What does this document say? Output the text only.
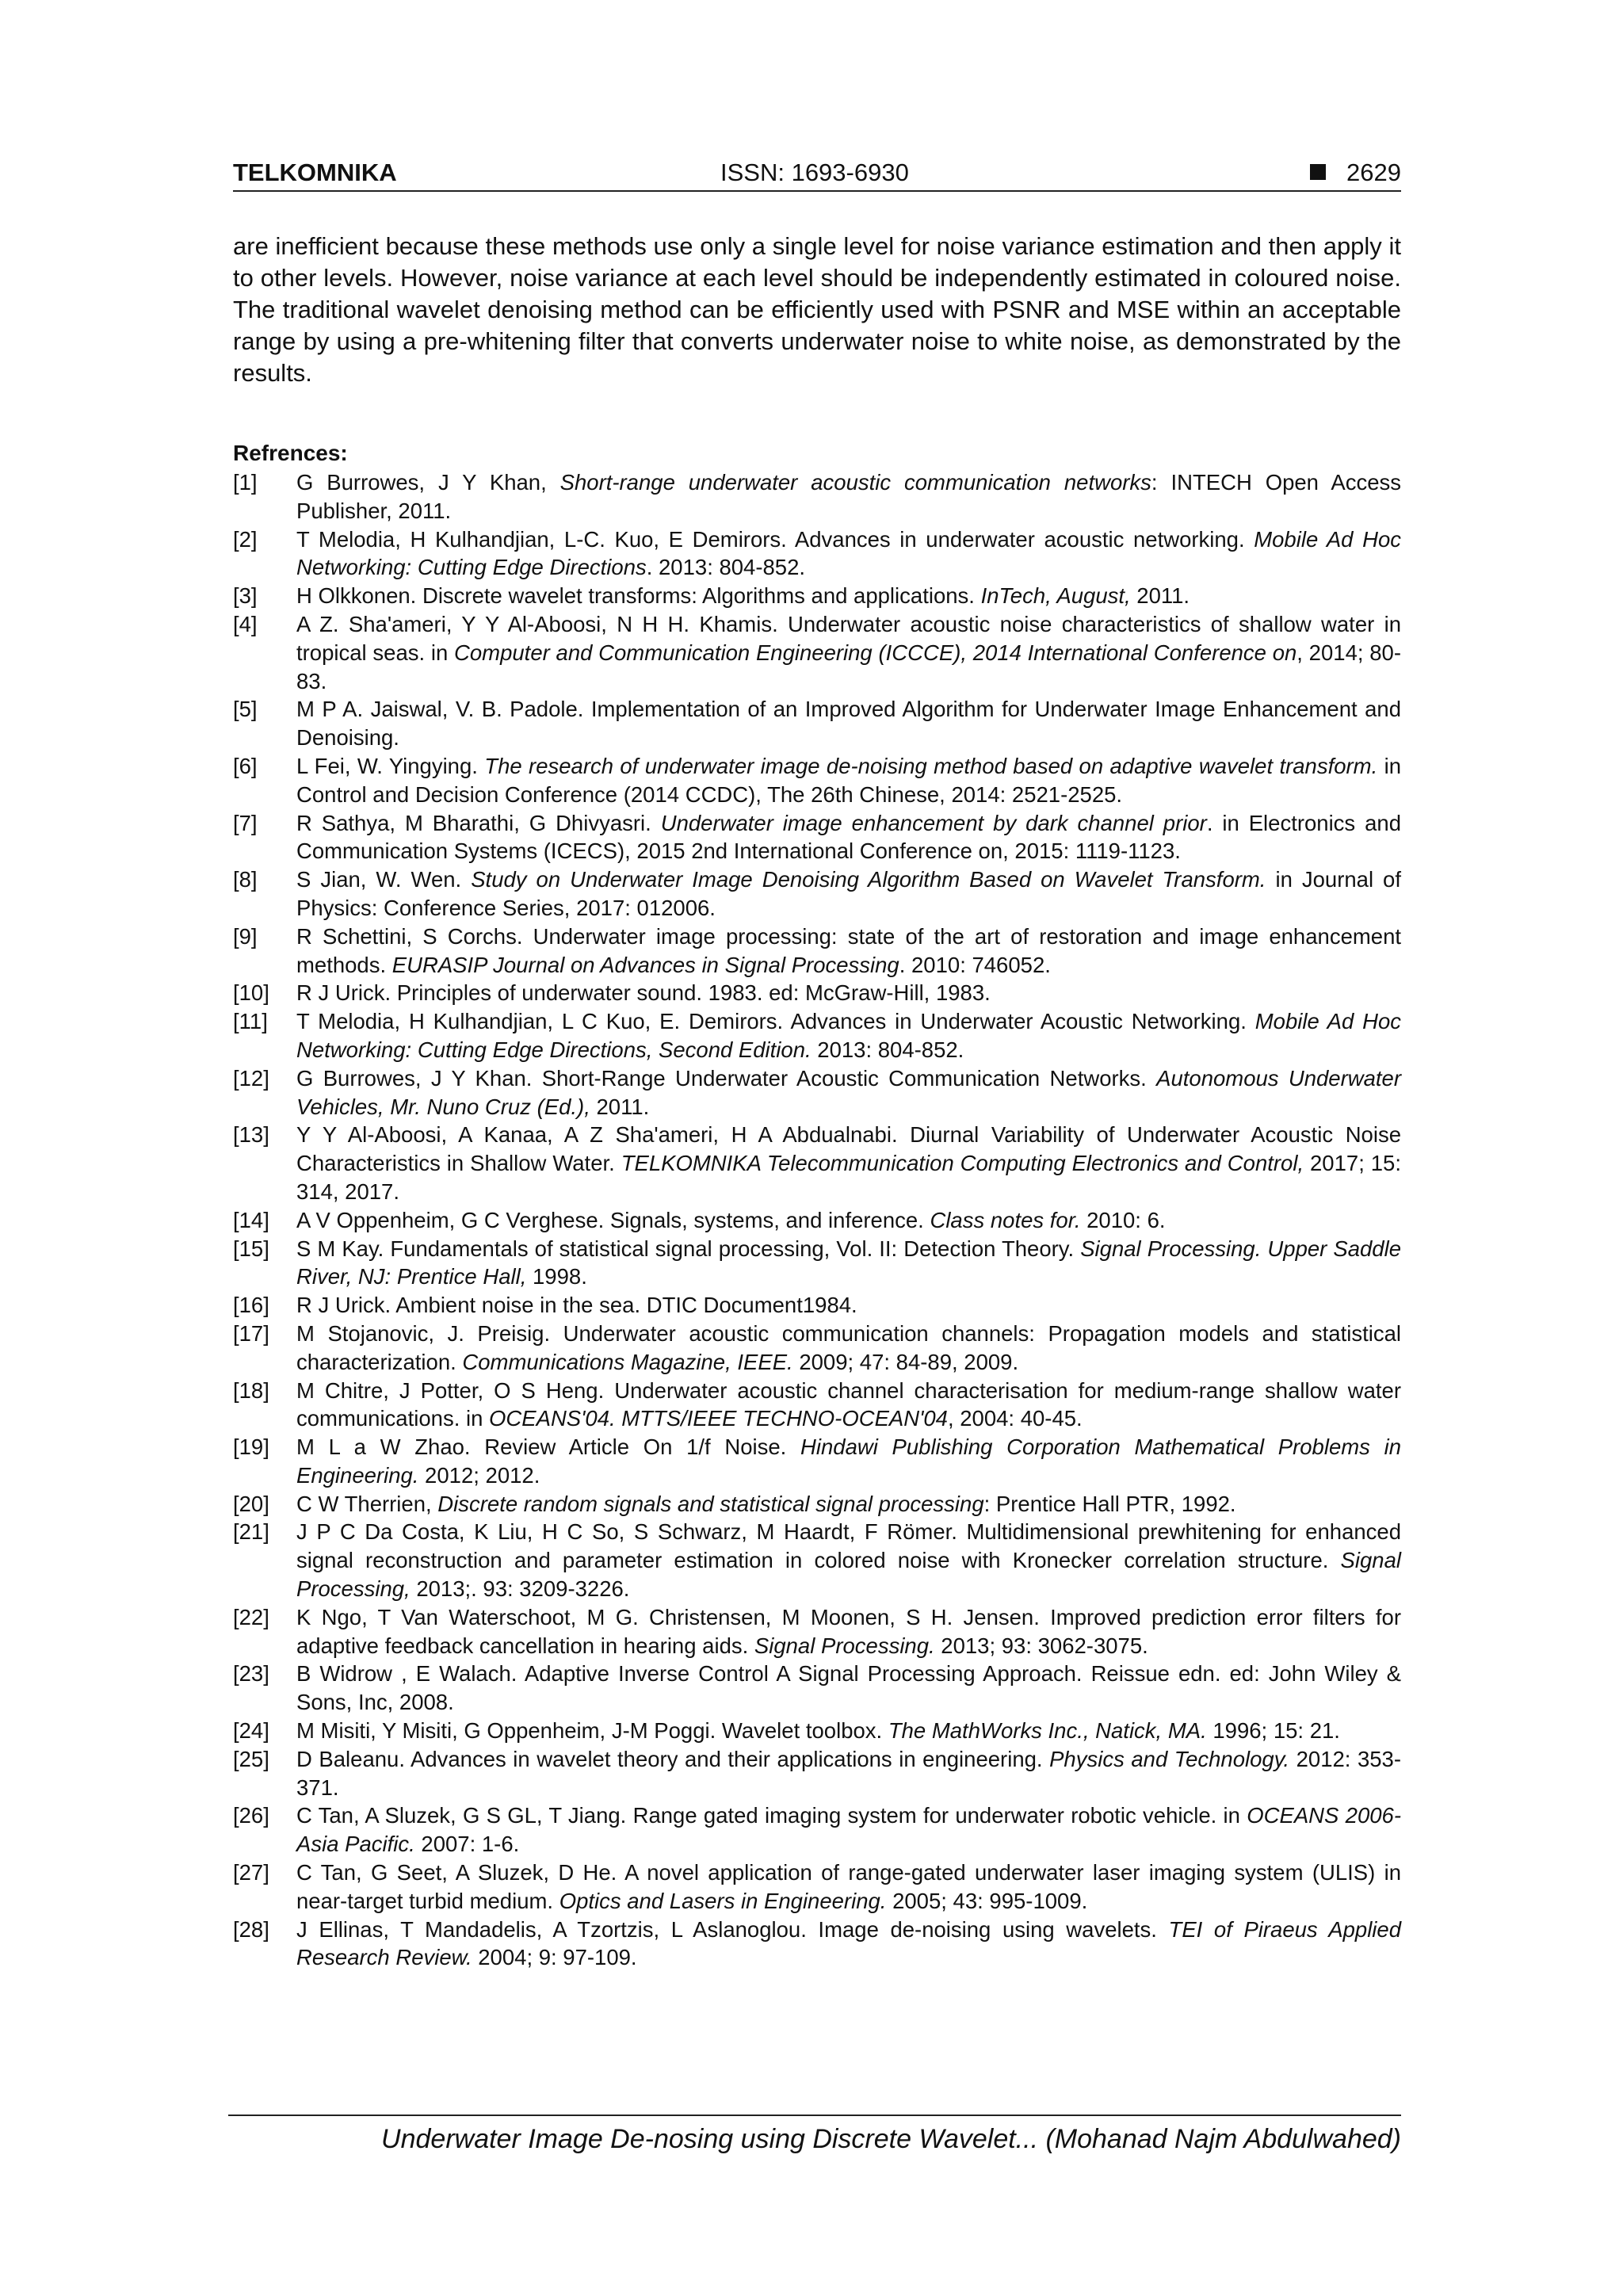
TELKOMNIKA	ISSN: 1693-6930	2629

are inefficient because these methods use only a single level for noise variance estimation and then apply it to other levels. However, noise variance at each level should be independently estimated in coloured noise. The traditional wavelet denoising method can be efficiently used with PSNR and MSE within an acceptable range by using a pre-whitening filter that converts underwater noise to white noise, as demonstrated by the results.

Refrences:

[1] G Burrowes, J Y Khan, Short-range underwater acoustic communication networks: INTECH Open Access Publisher, 2011.
[2] T Melodia, H Kulhandjian, L-C. Kuo, E Demirors. Advances in underwater acoustic networking. Mobile Ad Hoc Networking: Cutting Edge Directions. 2013: 804-852.
[3] H Olkkonen. Discrete wavelet transforms: Algorithms and applications. InTech, August, 2011.
[4] A Z. Sha'ameri, Y Y Al-Aboosi, N H H. Khamis. Underwater acoustic noise characteristics of shallow water in tropical seas. in Computer and Communication Engineering (ICCCE), 2014 International Conference on, 2014; 80-83.
[5] M P A. Jaiswal, V. B. Padole. Implementation of an Improved Algorithm for Underwater Image Enhancement and Denoising.
[6] L Fei, W. Yingying. The research of underwater image de-noising method based on adaptive wavelet transform. in Control and Decision Conference (2014 CCDC), The 26th Chinese, 2014: 2521-2525.
[7] R Sathya, M Bharathi, G Dhivyasri. Underwater image enhancement by dark channel prior. in Electronics and Communication Systems (ICECS), 2015 2nd International Conference on, 2015: 1119-1123.
[8] S Jian, W. Wen. Study on Underwater Image Denoising Algorithm Based on Wavelet Transform. in Journal of Physics: Conference Series, 2017: 012006.
[9] R Schettini, S Corchs. Underwater image processing: state of the art of restoration and image enhancement methods. EURASIP Journal on Advances in Signal Processing. 2010: 746052.
[10] R J Urick. Principles of underwater sound. 1983. ed: McGraw-Hill, 1983.
[11] T Melodia, H Kulhandjian, L C Kuo, E. Demirors. Advances in Underwater Acoustic Networking. Mobile Ad Hoc Networking: Cutting Edge Directions, Second Edition. 2013: 804-852.
[12] G Burrowes, J Y Khan. Short-Range Underwater Acoustic Communication Networks. Autonomous Underwater Vehicles, Mr. Nuno Cruz (Ed.), 2011.
[13] Y Y Al-Aboosi, A Kanaa, A Z Sha'ameri, H A Abdualnabi. Diurnal Variability of Underwater Acoustic Noise Characteristics in Shallow Water. TELKOMNIKA Telecommunication Computing Electronics and Control, 2017; 15: 314, 2017.
[14] A V Oppenheim, G C Verghese. Signals, systems, and inference. Class notes for. 2010: 6.
[15] S M Kay. Fundamentals of statistical signal processing, Vol. II: Detection Theory. Signal Processing. Upper Saddle River, NJ: Prentice Hall, 1998.
[16] R J Urick. Ambient noise in the sea. DTIC Document1984.
[17] M Stojanovic, J. Preisig. Underwater acoustic communication channels: Propagation models and statistical characterization. Communications Magazine, IEEE. 2009; 47: 84-89, 2009.
[18] M Chitre, J Potter, O S Heng. Underwater acoustic channel characterisation for medium-range shallow water communications. in OCEANS'04. MTTS/IEEE TECHNO-OCEAN'04, 2004: 40-45.
[19] M L a W Zhao. Review Article On 1/f Noise. Hindawi Publishing Corporation Mathematical Problems in Engineering. 2012; 2012.
[20] C W Therrien, Discrete random signals and statistical signal processing: Prentice Hall PTR, 1992.
[21] J P C Da Costa, K Liu, H C So, S Schwarz, M Haardt, F Römer. Multidimensional prewhitening for enhanced signal reconstruction and parameter estimation in colored noise with Kronecker correlation structure. Signal Processing, 2013;. 93: 3209-3226.
[22] K Ngo, T Van Waterschoot, M G. Christensen, M Moonen, S H. Jensen. Improved prediction error filters for adaptive feedback cancellation in hearing aids. Signal Processing. 2013; 93: 3062-3075.
[23] B Widrow , E Walach. Adaptive Inverse Control A Signal Processing Approach. Reissue edn. ed: John Wiley & Sons, Inc, 2008.
[24] M Misiti, Y Misiti, G Oppenheim, J-M Poggi. Wavelet toolbox. The MathWorks Inc., Natick, MA. 1996; 15: 21.
[25] D Baleanu. Advances in wavelet theory and their applications in engineering. Physics and Technology. 2012: 353-371.
[26] C Tan, A Sluzek, G S GL, T Jiang. Range gated imaging system for underwater robotic vehicle. in OCEANS 2006-Asia Pacific. 2007: 1-6.
[27] C Tan, G Seet, A Sluzek, D He. A novel application of range-gated underwater laser imaging system (ULIS) in near-target turbid medium. Optics and Lasers in Engineering. 2005; 43: 995-1009.
[28] J Ellinas, T Mandadelis, A Tzortzis, L Aslanoglou. Image de-noising using wavelets. TEI of Piraeus Applied Research Review. 2004; 9: 97-109.
Underwater Image De-nosing using Discrete Wavelet... (Mohanad Najm Abdulwahed)
